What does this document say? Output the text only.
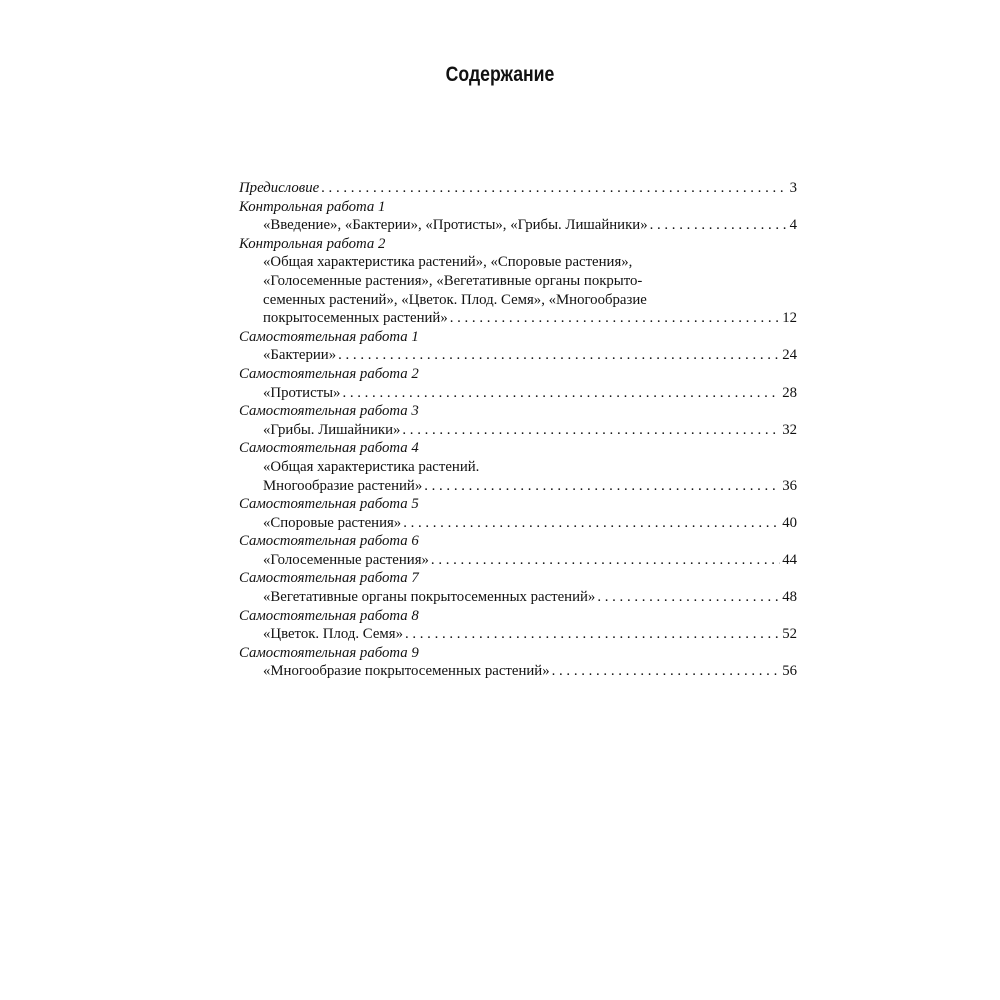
Содержание
Предисловие . . .	3
Контрольная работа 1
«Введение», «Бактерии», «Протисты», «Грибы. Лишайники» . . .	4
Контрольная работа 2
«Общая характеристика растений», «Споровые растения»,
«Голосеменные растения», «Вегетативные органы покрыто-
семенных растений», «Цветок. Плод. Семя», «Многообразие
покрытосеменных растений» . . .	12
Самостоятельная работа 1
«Бактерии» . . .	24
Самостоятельная работа 2
«Протисты» . . .	28
Самостоятельная работа 3
«Грибы. Лишайники» . . .	32
Самостоятельная работа 4
«Общая характеристика растений.
Многообразие растений» . . .	36
Самостоятельная работа 5
«Споровые растения» . . .	40
Самостоятельная работа 6
«Голосеменные растения» . . .	44
Самостоятельная работа 7
«Вегетативные органы покрытосеменных растений» . . .	48
Самостоятельная работа 8
«Цветок. Плод. Семя» . . .	52
Самостоятельная работа 9
«Многообразие покрытосеменных растений» . . .	56
